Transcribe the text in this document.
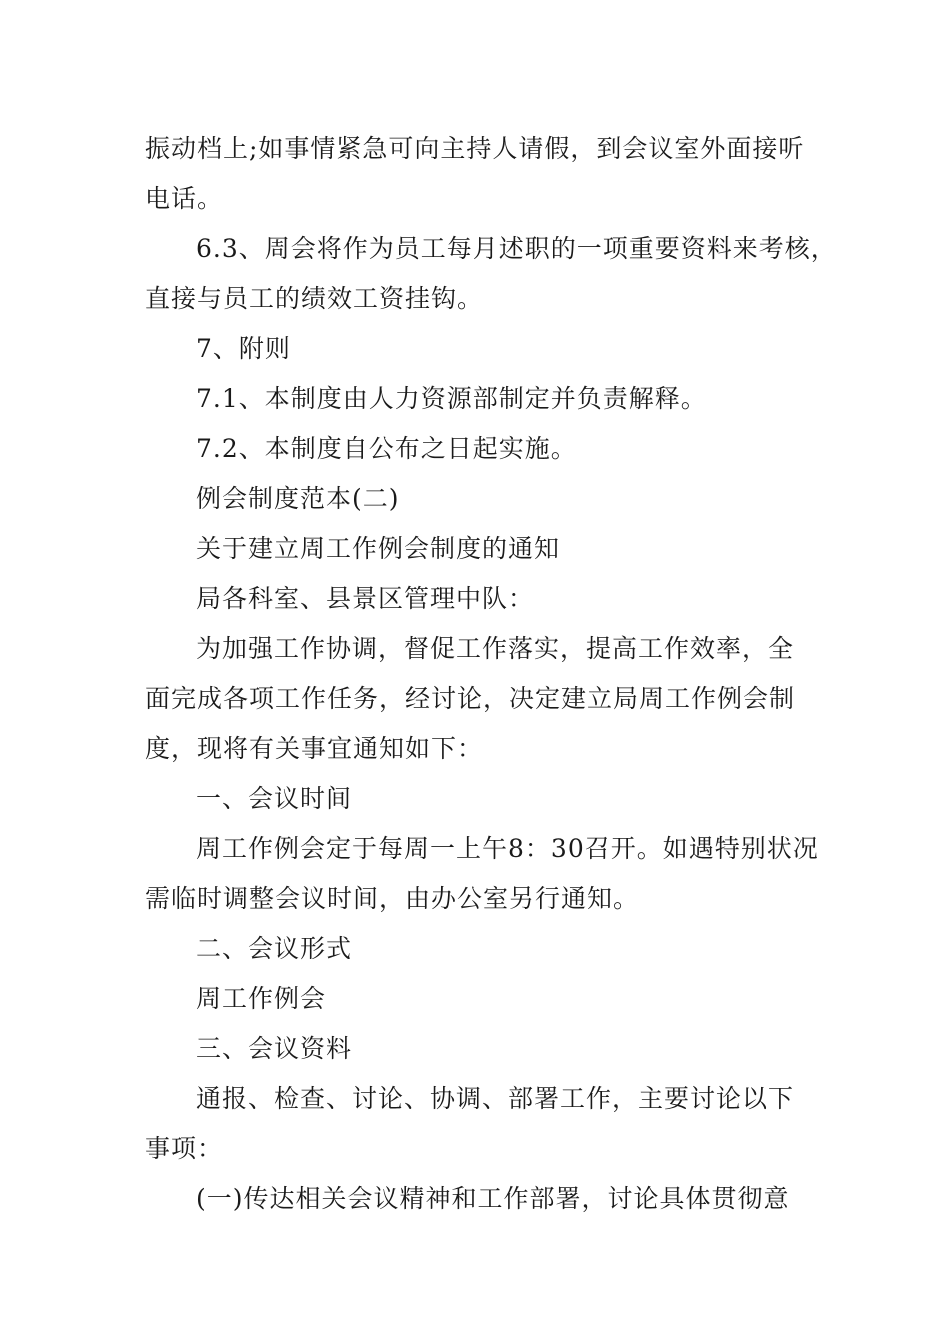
振动档上;如事情紧急可向主持人请假，到会议室外面接听
电话。
6.3、周会将作为员工每月述职的一项重要资料来考核，
直接与员工的绩效工资挂钩。
7、附则
7.1、本制度由人力资源部制定并负责解释。
7.2、本制度自公布之日起实施。
例会制度范本(二)
关于建立周工作例会制度的通知
局各科室、县景区管理中队：
为加强工作协调，督促工作落实，提高工作效率，全
面完成各项工作任务，经讨论，决定建立局周工作例会制
度，现将有关事宜通知如下：
一、会议时间
周工作例会定于每周一上午8：30召开。如遇特别状况
需临时调整会议时间，由办公室另行通知。
二、会议形式
周工作例会
三、会议资料
通报、检查、讨论、协调、部署工作，主要讨论以下
事项：
(一)传达相关会议精神和工作部署，讨论具体贯彻意
